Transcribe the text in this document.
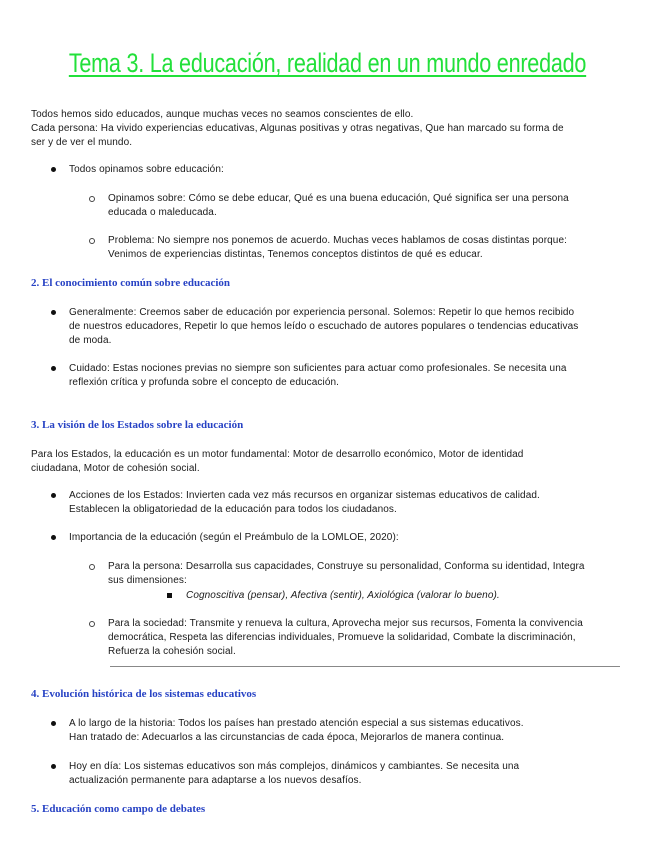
Tema 3. La educación, realidad en un mundo enredado

Todos hemos sido educados, aunque muchas veces no seamos conscientes de ello.

Cada persona: Ha vivido experiencias educativas, Algunas positivas y otras negativas, Que han marcado su forma de

ser y de ver el mundo.

Todos opinamos sobre educación:

Opinamos sobre: Cómo se debe educar, Qué es una buena educación, Qué significa ser una persona

educada o maleducada.

Problema: No siempre nos ponemos de acuerdo. Muchas veces hablamos de cosas distintas porque:

Venimos de experiencias distintas, Tenemos conceptos distintos de qué es educar.

2. El conocimiento común sobre educación

Generalmente: Creemos saber de educación por experiencia personal. Solemos: Repetir lo que hemos recibido

de nuestros educadores, Repetir lo que hemos leído o escuchado de autores populares o tendencias educativas

de moda.

Cuidado: Estas nociones previas no siempre son suficientes para actuar como profesionales. Se necesita una

reflexión crítica y profunda sobre el concepto de educación.

3. La visión de los Estados sobre la educación

Para los Estados, la educación es un motor fundamental: Motor de desarrollo económico, Motor de identidad

ciudadana, Motor de cohesión social.

Acciones de los Estados: Invierten cada vez más recursos en organizar sistemas educativos de calidad.

Establecen la obligatoriedad de la educación para todos los ciudadanos.

Importancia de la educación (según el Preámbulo de la LOMLOE, 2020):

Para la persona: Desarrolla sus capacidades, Construye su personalidad, Conforma su identidad, Integra

sus dimensiones:

Cognoscitiva (pensar), Afectiva (sentir), Axiológica (valorar lo bueno).

Para la sociedad: Transmite y renueva la cultura, Aprovecha mejor sus recursos, Fomenta la convivencia

democrática, Respeta las diferencias individuales, Promueve la solidaridad, Combate la discriminación,

Refuerza la cohesión social.

4. Evolución histórica de los sistemas educativos

A lo largo de la historia: Todos los países han prestado atención especial a sus sistemas educativos.

Han tratado de: Adecuarlos a las circunstancias de cada época, Mejorarlos de manera continua.

Hoy en día: Los sistemas educativos son más complejos, dinámicos y cambiantes. Se necesita una

actualización permanente para adaptarse a los nuevos desafíos.

5. Educación como campo de debates
